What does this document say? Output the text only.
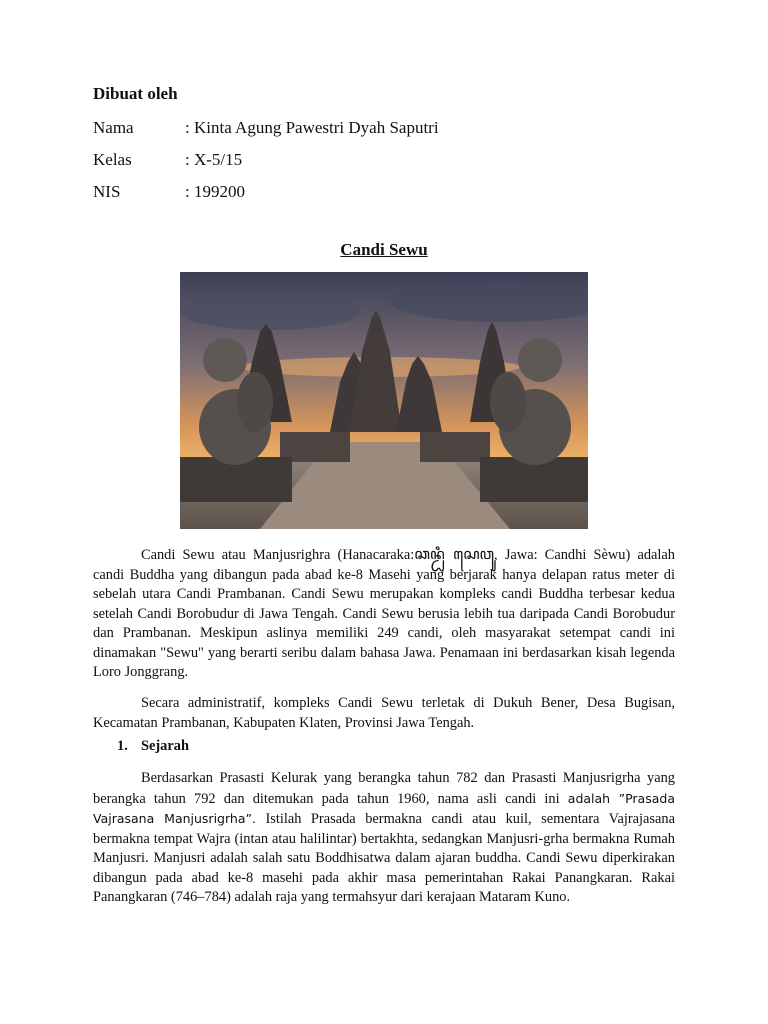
Dibuat oleh
Nama	: Kinta Agung Pawestri Dyah Saputri
Kelas	: X-5/15
NIS	: 199200
Candi Sewu

Candi Sewu atau Manjusrighra (Hanacaraka:ꦕꦤ꧀ꦝꦶ ꦱꦺꦮꦸ, Jawa: Candhi Sèwu) adalah candi Buddha yang dibangun pada abad ke-8 Masehi yang berjarak hanya delapan ratus meter di sebelah utara Candi Prambanan. Candi Sewu merupakan kompleks candi Buddha terbesar kedua setelah Candi Borobudur di Jawa Tengah. Candi Sewu berusia lebih tua daripada Candi Borobudur dan Prambanan. Meskipun aslinya memiliki 249 candi, oleh masyarakat setempat candi ini dinamakan "Sewu" yang berarti seribu dalam bahasa Jawa. Penamaan ini berdasarkan kisah legenda Loro Jonggrang.

Secara administratif, kompleks Candi Sewu terletak di Dukuh Bener, Desa Bugisan, Kecamatan Prambanan, Kabupaten Klaten, Provinsi Jawa Tengah.

1. Sejarah

Berdasarkan Prasasti Kelurak yang berangka tahun 782 dan Prasasti Manjusrigrha yang berangka tahun 792 dan ditemukan pada tahun 1960, nama asli candi ini adalah ”Prasada Vajrasana Manjusrigrha”. Istilah Prasada bermakna candi atau kuil, sementara Vajrajasana bermakna tempat Wajra (intan atau halilintar) bertakhta, sedangkan Manjusri-grha bermakna Rumah Manjusri. Manjusri adalah salah satu Boddhisatwa dalam ajaran buddha. Candi Sewu diperkirakan dibangun pada abad ke-8 masehi pada akhir masa pemerintahan Rakai Panangkaran. Rakai Panangkaran (746–784) adalah raja yang termahsyur dari kerajaan Mataram Kuno.
